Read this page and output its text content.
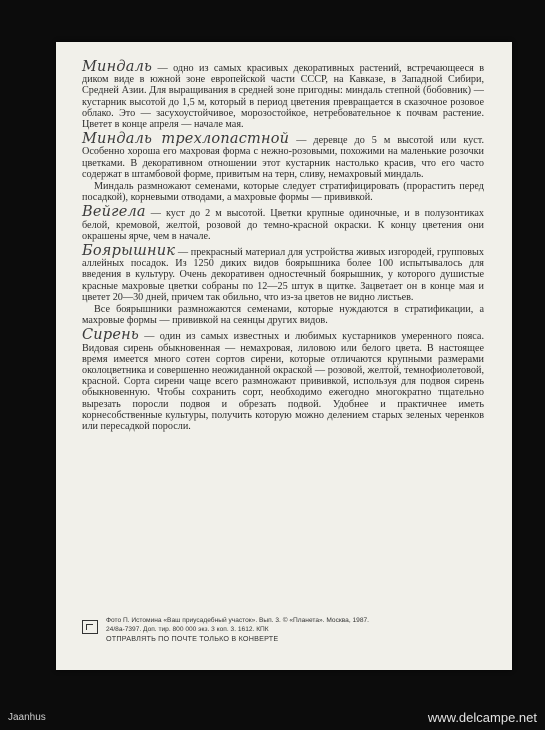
Миндаль — одно из самых красивых декоративных растений, встречающееся в диком виде в южной зоне европейской части СССР, на Кавказе, в Западной Сибири, Средней Азии. Для выращивания в средней зоне пригодны: миндаль степной (бобовник) — кустарник высотой до 1,5 м, который в период цветения превращается в сказочное розовое облако. Это — засухоустойчивое, морозостойкое, нетребовательное к почвам растение. Цветет в конце апреля — начале мая.

Миндаль трехлопастной — деревце до 5 м высотой или куст. Особенно хороша его махровая форма с нежно-розовыми, похожими на маленькие розочки цветками. В декоративном отношении этот кустарник настолько красив, что его часто содержат в штамбовой форме, привитым на терн, сливу, немахровый миндаль.

Миндаль размножают семенами, которые следует стратифицировать (прорастить перед посадкой), корневыми отводами, а махровые формы — прививкой.

Вейгела — куст до 2 м высотой. Цветки крупные одиночные, и в полузонтиках белой, кремовой, желтой, розовой до темно-красной окраски. К концу цветения они окрашены ярче, чем в начале.

Боярышник — прекрасный материал для устройства живых изгородей, групповых аллейных посадок. Из 1250 диких видов боярышника более 100 испытывалось для введения в культуру. Очень декоративен одностечный боярышник, у которого душистые красные махровые цветки собраны по 12—25 штук в щитке. Зацветает он в конце мая и цветет 20—30 дней, причем так обильно, что из-за цветов не видно листьев.

Все боярышники размножаются семенами, которые нуждаются в стратификации, а махровые формы — прививкой на сеянцы других видов.

Сирень — один из самых известных и любимых кустарников умеренного пояса. Видовая сирень обыкновенная — немахровая, лиловою или белого цвета. В настоящее время имеется много сотен сортов сирени, которые отличаются крупными размерами околоцветника и совершенно неожиданной окраской — розовой, желтой, темнофиолетовой, красной. Сорта сирени чаще всего размножают прививкой, используя для подвоя сирень обыкновенную. Чтобы сохранить сорт, необходимо ежегодно многократно тщательно вырезать поросли подвоя и обрезать подвой. Удобнее и практичнее иметь корнесобственные культуры, получить которую можно делением старых зеленых черенков или пересадкой поросли.

Фото П. Истомина «Ваш приусадебный участок». Вып. 3. © «Планета». Москва, 1987.
24/8а-7397. Доп. тир. 800 000 экз. 3 коп. 3. 1612. КПК
ОТПРАВЛЯТЬ ПО ПОЧТЕ ТОЛЬКО В КОНВЕРТЕ
Jaanhus	www.delcampe.net
